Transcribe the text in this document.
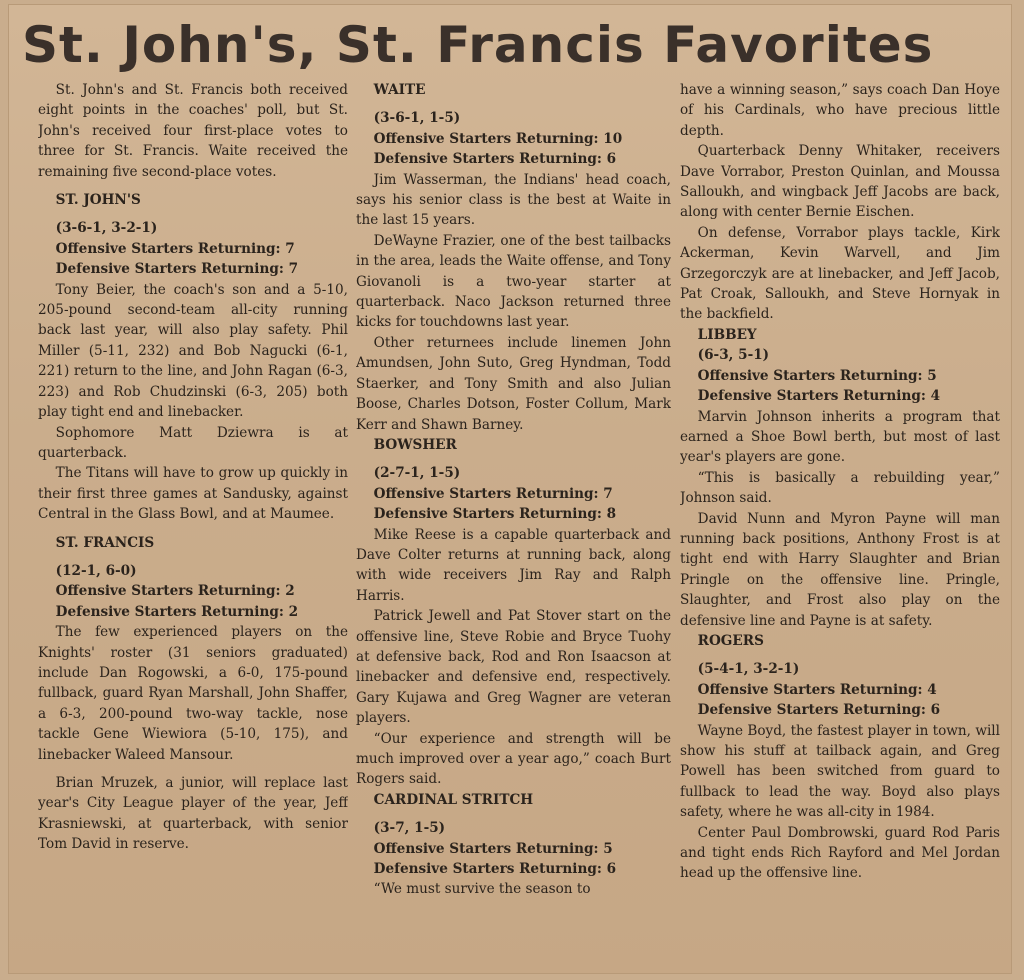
St. John's, St. Francis Favorites

St. John's and St. Francis both received eight points in the coaches' poll, but St. John's received four first-place votes to three for St. Francis. Waite received the remaining five second-place votes.

ST. JOHN'S

(3-6-1, 3-2-1)

Offensive Starters Returning: 7

Defensive Starters Returning: 7

Tony Beier, the coach's son and a 5-10, 205-pound second-team all-city running back last year, will also play safety. Phil Miller (5-11, 232) and Bob Nagucki (6-1, 221) return to the line, and John Ragan (6-3, 223) and Rob Chudzinski (6-3, 205) both play tight end and linebacker.

Sophomore Matt Dziewra is at quarterback.

The Titans will have to grow up quickly in their first three games at Sandusky, against Central in the Glass Bowl, and at Maumee.

ST. FRANCIS

(12-1, 6-0)

Offensive Starters Returning: 2

Defensive Starters Returning: 2

The few experienced players on the Knights' roster (31 seniors graduated) include Dan Rogowski, a 6-0, 175-pound fullback, guard Ryan Marshall, John Shaffer, a 6-3, 200-pound two-way tackle, nose tackle Gene Wiewiora (5-10, 175), and linebacker Waleed Mansour.

Brian Mruzek, a junior, will replace last year's City League player of the year, Jeff Krasniewski, at quarterback, with senior Tom David in reserve.

WAITE

(3-6-1, 1-5)

Offensive Starters Returning: 10

Defensive Starters Returning: 6

Jim Wasserman, the Indians' head coach, says his senior class is the best at Waite in the last 15 years.

DeWayne Frazier, one of the best tailbacks in the area, leads the Waite offense, and Tony Giovanoli is a two-year starter at quarterback. Naco Jackson returned three kicks for touchdowns last year.

Other returnees include linemen John Amundsen, John Suto, Greg Hyndman, Todd Staerker, and Tony Smith and also Julian Boose, Charles Dotson, Foster Collum, Mark Kerr and Shawn Barney.

BOWSHER

(2-7-1, 1-5)

Offensive Starters Returning: 7

Defensive Starters Returning: 8

Mike Reese is a capable quarterback and Dave Colter returns at running back, along with wide receivers Jim Ray and Ralph Harris.

Patrick Jewell and Pat Stover start on the offensive line, Steve Robie and Bryce Tuohy at defensive back, Rod and Ron Isaacson at linebacker and defensive end, respectively. Gary Kujawa and Greg Wagner are veteran players.

“Our experience and strength will be much improved over a year ago,” coach Burt Rogers said.

CARDINAL STRITCH

(3-7, 1-5)

Offensive Starters Returning: 5

Defensive Starters Returning: 6

“We must survive the season to

have a winning season,” says coach Dan Hoye of his Cardinals, who have precious little depth.

Quarterback Denny Whitaker, receivers Dave Vorrabor, Preston Quinlan, and Moussa Salloukh, and wingback Jeff Jacobs are back, along with center Bernie Eischen.

On defense, Vorrabor plays tackle, Kirk Ackerman, Kevin Warvell, and Jim Grzegorczyk are at linebacker, and Jeff Jacob, Pat Croak, Salloukh, and Steve Hornyak in the backfield.

LIBBEY

(6-3, 5-1)

Offensive Starters Returning: 5

Defensive Starters Returning: 4

Marvin Johnson inherits a program that earned a Shoe Bowl berth, but most of last year's players are gone.

“This is basically a rebuilding year,” Johnson said.

David Nunn and Myron Payne will man running back positions, Anthony Frost is at tight end with Harry Slaughter and Brian Pringle on the offensive line. Pringle, Slaughter, and Frost also play on the defensive line and Payne is at safety.

ROGERS

(5-4-1, 3-2-1)

Offensive Starters Returning: 4

Defensive Starters Returning: 6

Wayne Boyd, the fastest player in town, will show his stuff at tailback again, and Greg Powell has been switched from guard to fullback to lead the way. Boyd also plays safety, where he was all-city in 1984.

Center Paul Dombrowski, guard Rod Paris and tight ends Rich Rayford and Mel Jordan head up the offensive line.
